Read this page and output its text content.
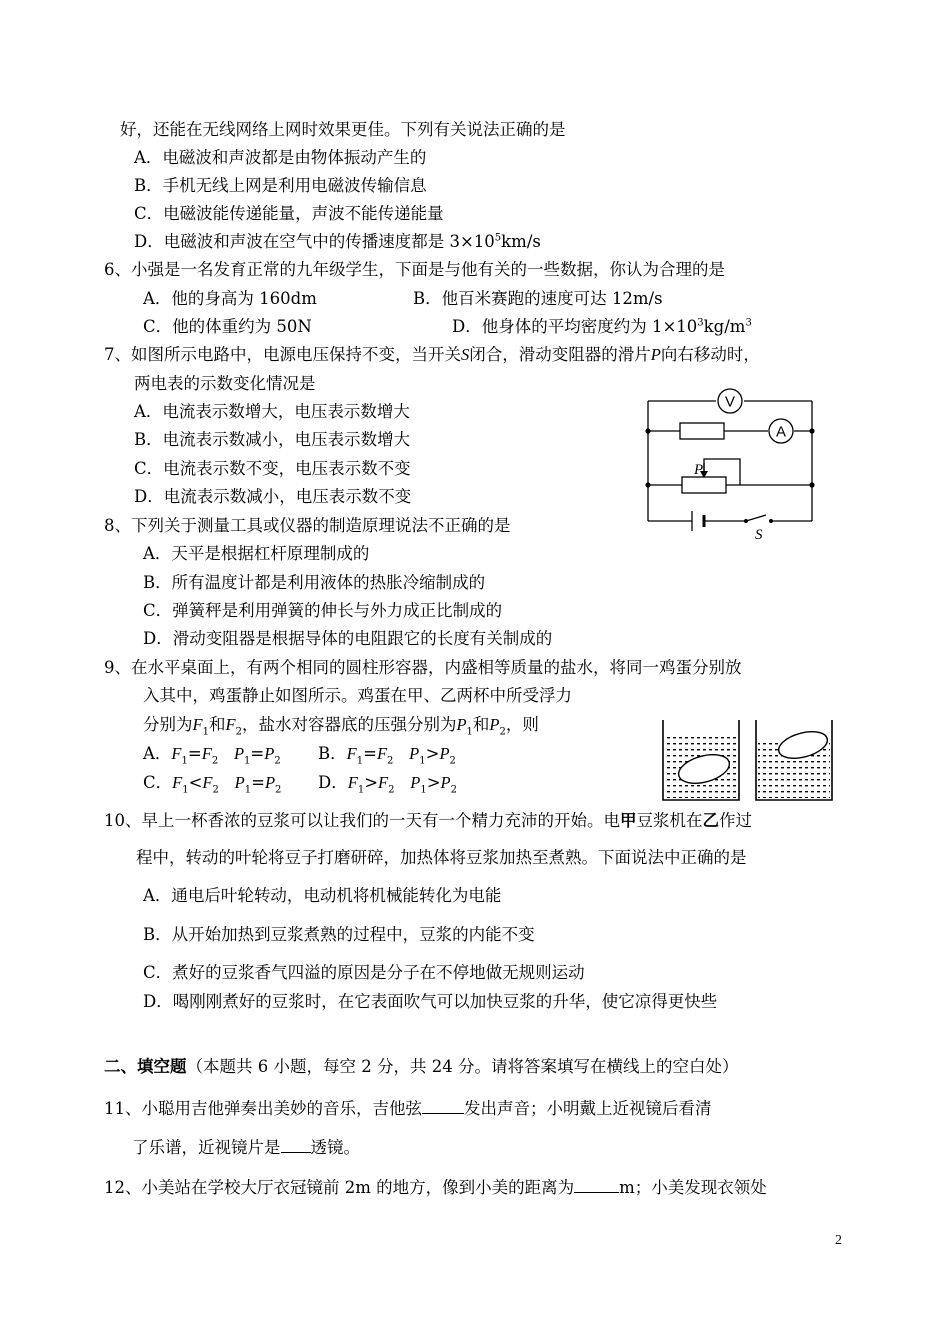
好，还能在无线网络上网时效果更佳。下列有关说法正确的是
A．电磁波和声波都是由物体振动产生的
B．手机无线上网是利用电磁波传输信息
C．电磁波能传递能量，声波不能传递能量
D．电磁波和声波在空气中的传播速度都是 $3\times 10^5km/s$
6、小强是一名发育正常的九年级学生，下面是与他有关的一些数据，你认为合理的是
A．他的身高为 160dm	B．他百米赛跑的速度可达 12m/s
C．他的体重约为 50N	D．他身体的平均密度约为 $1\times 10^3kg/m^3$
7、如图所示电路中，电源电压保持不变，当开关S闭合，滑动变阻器的滑片P向右移动时，
两电表的示数变化情况是
A．电流表示数增大，电压表示数增大
B．电流表示数减小，电压表示数增大
C．电流表示数不变，电压表示数不变
D．电流表示数减小，电压表示数不变
V
A
P
S
8、下列关于测量工具或仪器的制造原理说法不正确的是
A．天平是根据杠杆原理制成的
B．所有温度计都是利用液体的热胀冷缩制成的
C．弹簧秤是利用弹簧的伸长与外力成正比制成的
D．滑动变阻器是根据导体的电阻跟它的长度有关制成的
9、在水平桌面上，有两个相同的圆柱形容器，内盛相等质量的盐水，将同一鸡蛋分别放
入其中，鸡蛋静止如图所示。鸡蛋在甲、乙两杯中所受浮力
分别为$F_1$和$F_2$，盐水对容器底的压强分别为$P_1$和$P_2$，则
A．$F_1=F_2$ $P_1=P_2$ B．$F_1=F_2$ $P_1>P_2$
C．$F_1<F_2$ $P_1=P_2$ D．$F_1>F_2$ $P_1>P_2$
10、早上一杯香浓的豆浆可以让我们的一天有一个精力充沛的开始。电甲豆浆机在乙作过
程中，转动的叶轮将豆子打磨研碎，加热体将豆浆加热至煮熟。下面说法中正确的是
A．通电后叶轮转动，电动机将机械能转化为电能
B．从开始加热到豆浆煮熟的过程中，豆浆的内能不变
C．煮好的豆浆香气四溢的原因是分子在不停地做无规则运动
D．喝刚刚煮好的豆浆时，在它表面吹气可以加快豆浆的升华，使它凉得更快些
二、填空题（本题共 6 小题，每空 2 分，共 24 分。请将答案填写在横线上的空白处）
11、小聪用吉他弹奏出美妙的音乐，吉他弦	发出声音；小明戴上近视镜后看清
了乐谱，近视镜片是 透镜。
12、小美站在学校大厅衣冠镜前 2m 的地方，像到小美的距离为	m；小美发现衣领处
2
